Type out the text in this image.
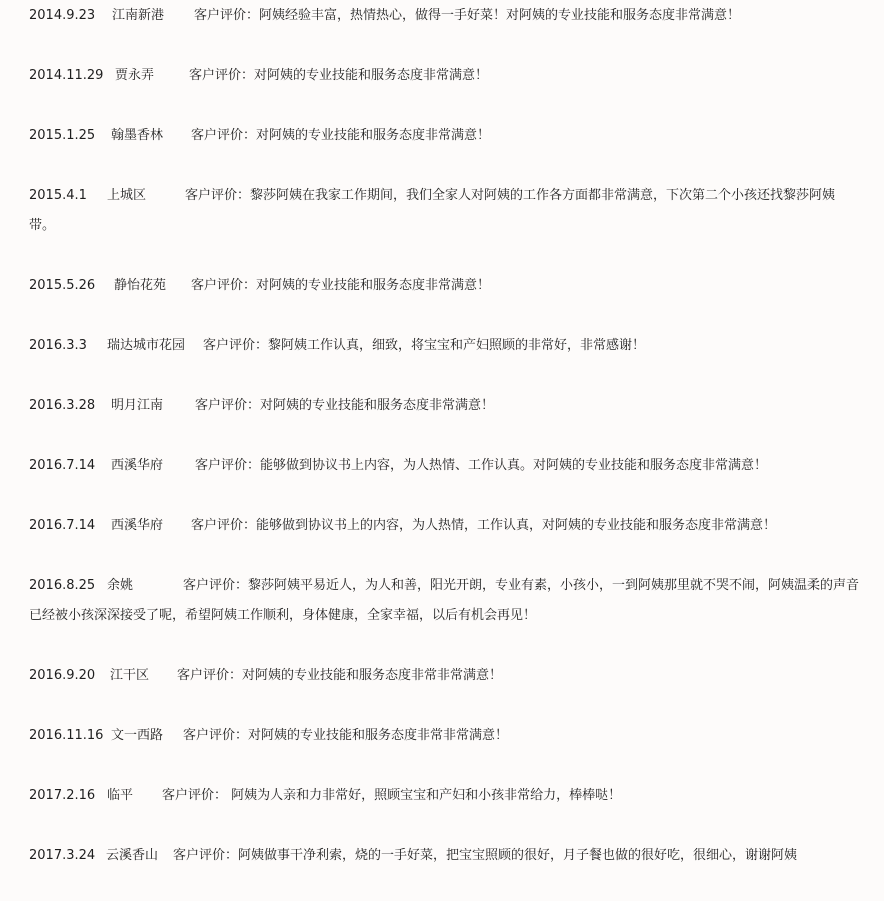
2014.9.23 江南新港 客户评价：阿姨经验丰富，热情热心，做得一手好菜！对阿姨的专业技能和服务态度非常满意！
2014.11.29 贾永弄	客户评价：对阿姨的专业技能和服务态度非常满意！
2015.1.25 翰墨香林 客户评价：对阿姨的专业技能和服务态度非常满意！
2015.4.1 上城区	客户评价：黎莎阿姨在我家工作期间，我们全家人对阿姨的工作各方面都非常满意，下次第二个小孩还找黎莎阿姨带。
2015.5.26 静怡花苑 客户评价：对阿姨的专业技能和服务态度非常满意！
2016.3.3 瑞达城市花园 客户评价：黎阿姨工作认真，细致，将宝宝和产妇照顾的非常好，非常感谢！
2016.3.28 明月江南 客户评价：对阿姨的专业技能和服务态度非常满意！
2016.7.14 西溪华府 客户评价：能够做到协议书上内容，为人热情、工作认真。对阿姨的专业技能和服务态度非常满意！
2016.7.14 西溪华府 客户评价：能够做到协议书上的内容，为人热情，工作认真，对阿姨的专业技能和服务态度非常满意！
2016.8.25 余姚	客户评价：黎莎阿姨平易近人，为人和善，阳光开朗，专业有素，小孩小，一到阿姨那里就不哭不闹，阿姨温柔的声音已经被小孩深深接受了呢，希望阿姨工作顺利，身体健康，全家幸福，以后有机会再见！
2016.9.20 江干区 客户评价：对阿姨的专业技能和服务态度非常非常满意！
2016.11.16 文一西路 客户评价：对阿姨的专业技能和服务态度非常非常满意！
2017.2.16 临平 客户评价： 阿姨为人亲和力非常好，照顾宝宝和产妇和小孩非常给力，棒棒哒！
2017.3.24 云溪香山 客户评价：阿姨做事干净利索，烧的一手好菜，把宝宝照顾的很好，月子餐也做的很好吃，很细心，谢谢阿姨
